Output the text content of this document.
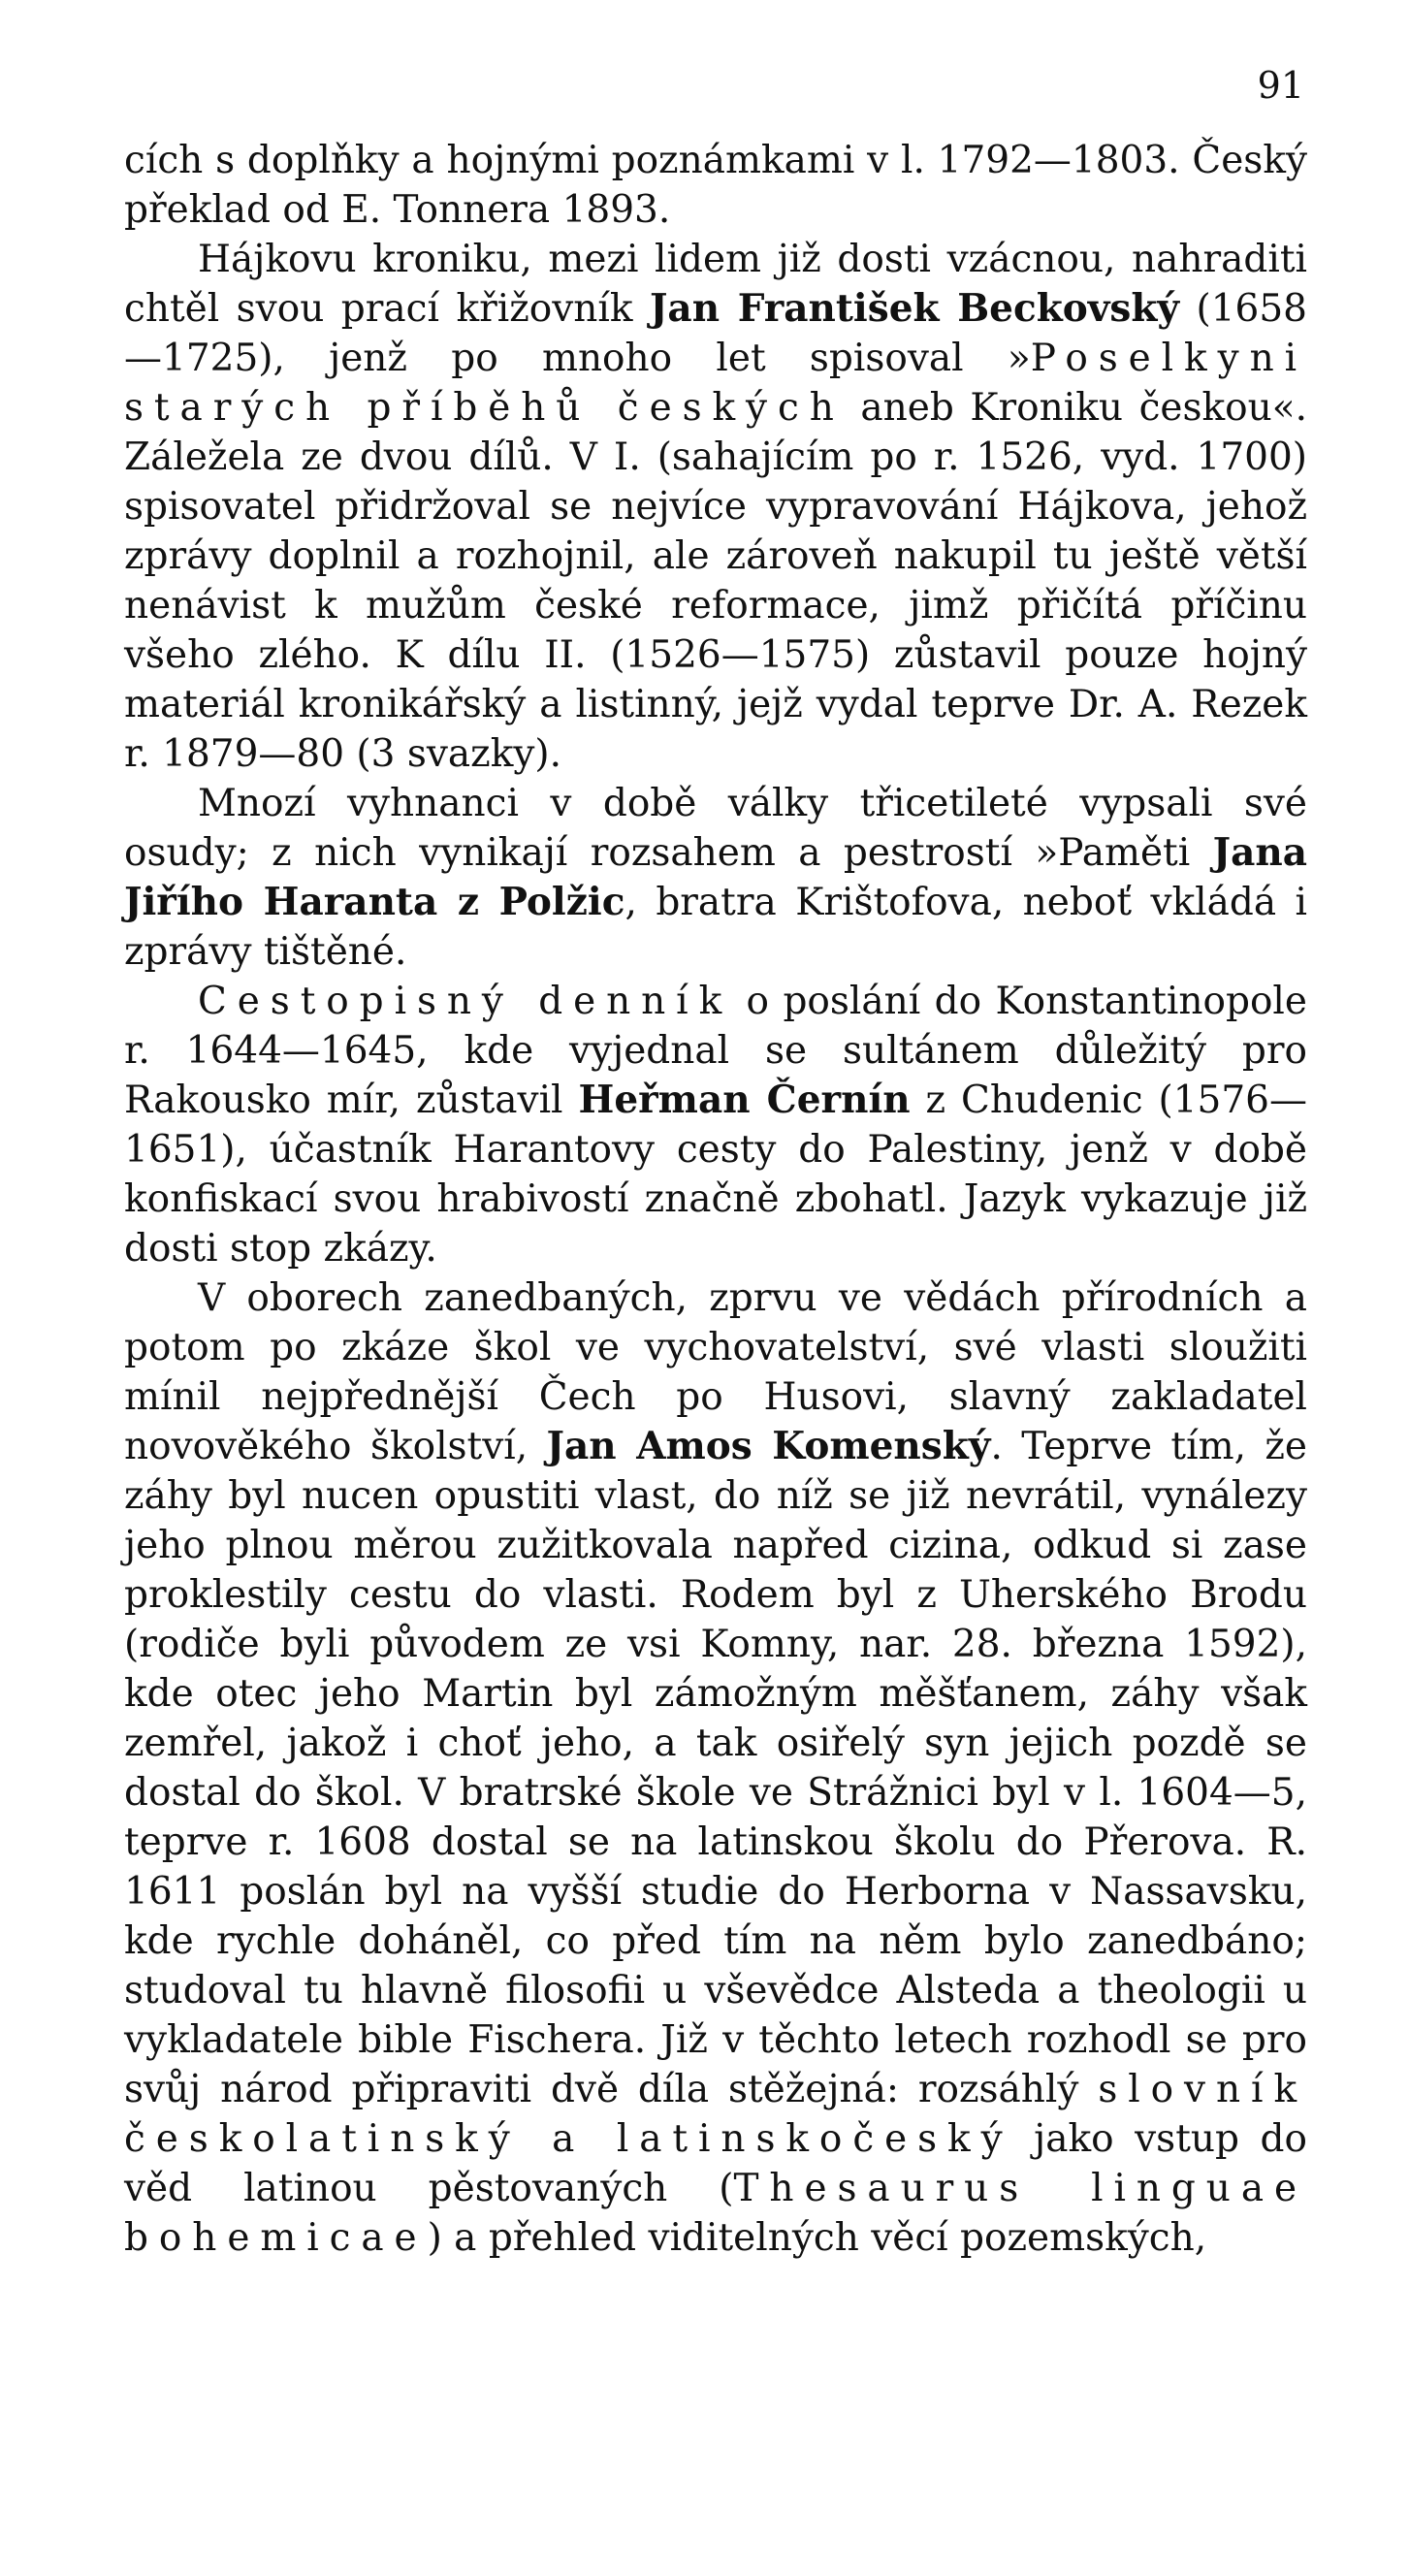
91

cích s doplňky a hojnými poznámkami v l. 1792—1803. Český překlad od E. Tonnera 1893.

Hájkovu kroniku, mezi lidem již dosti vzácnou, nahraditi chtěl svou prací křižovník Jan František Beckovský (1658—1725), jenž po mnoho let spisoval »Poselkyni starých příběhů českých aneb Kroniku českou«. Záležela ze dvou dílů. V I. (sahajícím po r. 1526, vyd. 1700) spisovatel přidržoval se nejvíce vypravování Hájkova, jehož zprávy doplnil a rozhojnil, ale zároveň nakupil tu ještě větší nenávist k mužům české reformace, jimž přičítá příčinu všeho zlého. K dílu II. (1526—1575) zůstavil pouze hojný materiál kronikářský a listinný, jejž vydal teprve Dr. A. Rezek r. 1879—80 (3 svazky).

Mnozí vyhnanci v době války třicetileté vypsali své osudy; z nich vynikají rozsahem a pestrostí »Paměti Jana Jiřího Haranta z Polžic, bratra Krištofova, neboť vkládá i zprávy tištěné.

Cestopisný denník o poslání do Konstantinopole r. 1644—1645, kde vyjednal se sultánem důležitý pro Rakousko mír, zůstavil Heřman Černín z Chudenic (1576—1651), účastník Harantovy cesty do Palestiny, jenž v době konfiskací svou hrabivostí značně zbohatl. Jazyk vykazuje již dosti stop zkázy.

V oborech zanedbaných, zprvu ve vědách přírodních a potom po zkáze škol ve vychovatelství, své vlasti sloužiti mínil nejpřednější Čech po Husovi, slavný zakladatel novověkého školství, Jan Amos Komenský. Teprve tím, že záhy byl nucen opustiti vlast, do níž se již nevrátil, vynálezy jeho plnou měrou zužitkovala napřed cizina, odkud si zase proklestily cestu do vlasti. Rodem byl z Uherského Brodu (rodiče byli původem ze vsi Komny, nar. 28. března 1592), kde otec jeho Martin byl zámožným měšťanem, záhy však zemřel, jakož i choť jeho, a tak osiřelý syn jejich pozdě se dostal do škol. V bratrské škole ve Strážnici byl v l. 1604—5, teprve r. 1608 dostal se na latinskou školu do Přerova. R. 1611 poslán byl na vyšší studie do Herborna v Nassavsku, kde rychle doháněl, co před tím na něm bylo zanedbáno; studoval tu hlavně filosofii u vševědce Alsteda a theologii u vykladatele bible Fischera. Již v těchto letech rozhodl se pro svůj národ připraviti dvě díla stěžejná: rozsáhlý slovník českolatinský a latinskočeský jako vstup do věd latinou pěstovaných (Thesaurus linguae bohemicae) a přehled viditelných věcí pozemských,
